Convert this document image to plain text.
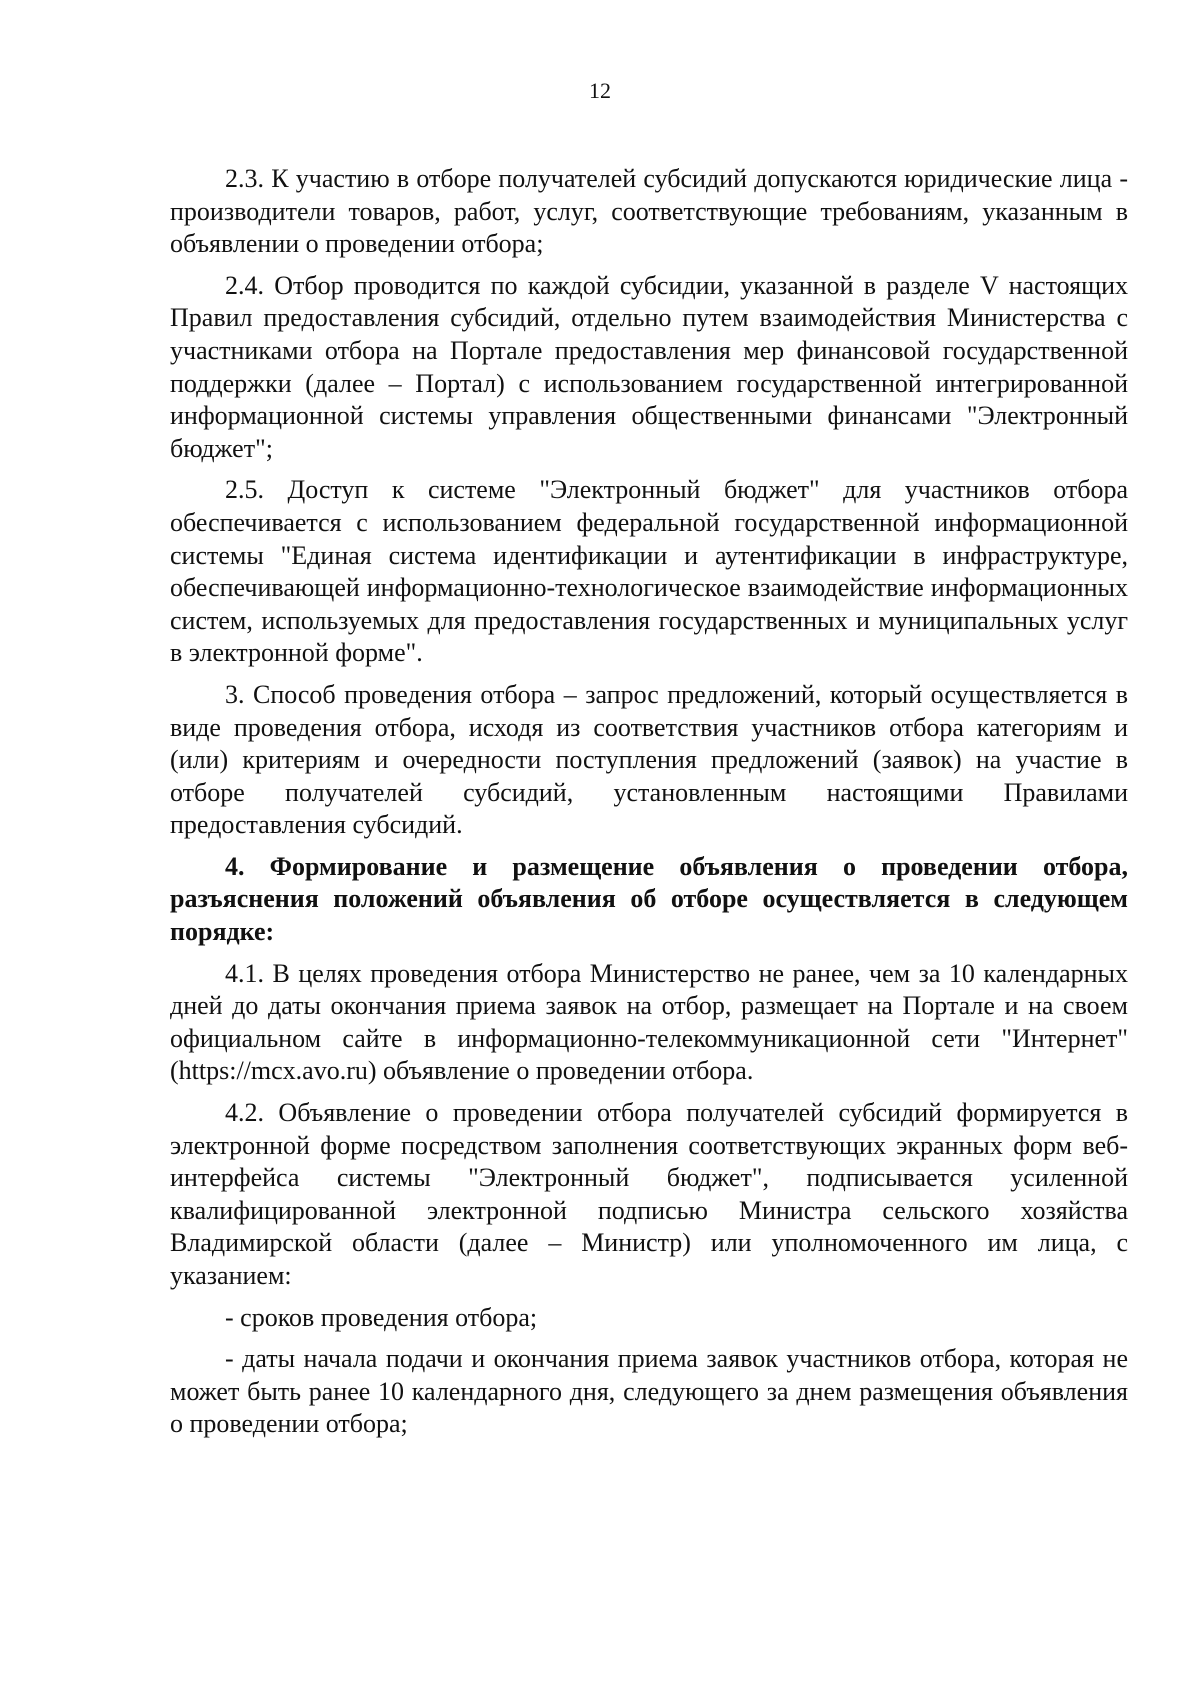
12

2.3. К участию в отборе получателей субсидий допускаются юридические лица - производители товаров, работ, услуг, соответствующие требованиям, указанным в объявлении о проведении отбора;

2.4. Отбор проводится по каждой субсидии, указанной в разделе V настоящих Правил предоставления субсидий, отдельно путем взаимодействия Министерства с участниками отбора на Портале предоставления мер финансовой государственной поддержки (далее – Портал) с использованием государственной интегрированной информационной системы управления общественными финансами "Электронный бюджет";

2.5. Доступ к системе "Электронный бюджет" для участников отбора обеспечивается с использованием федеральной государственной информационной системы "Единая система идентификации и аутентификации в инфраструктуре, обеспечивающей информационно-технологическое взаимодействие информационных систем, используемых для предоставления государственных и муниципальных услуг в электронной форме".

3. Способ проведения отбора – запрос предложений, который осуществляется в виде проведения отбора, исходя из соответствия участников отбора категориям и (или) критериям и очередности поступления предложений (заявок) на участие в отборе получателей субсидий, установленным настоящими Правилами предоставления субсидий.

4. Формирование и размещение объявления о проведении отбора, разъяснения положений объявления об отборе осуществляется в следующем порядке:

4.1. В целях проведения отбора Министерство не ранее, чем за 10 календарных дней до даты окончания приема заявок на отбор, размещает на Портале и на своем официальном сайте в информационно-телекоммуникационной сети "Интернет" (https://mcx.avo.ru) объявление о проведении отбора.

4.2. Объявление о проведении отбора получателей субсидий формируется в электронной форме посредством заполнения соответствующих экранных форм веб-интерфейса системы "Электронный бюджет", подписывается усиленной квалифицированной электронной подписью Министра сельского хозяйства Владимирской области (далее – Министр) или уполномоченного им лица, с указанием:

- сроков проведения отбора;

- даты начала подачи и окончания приема заявок участников отбора, которая не может быть ранее 10 календарного дня, следующего за днем размещения объявления о проведении отбора;
